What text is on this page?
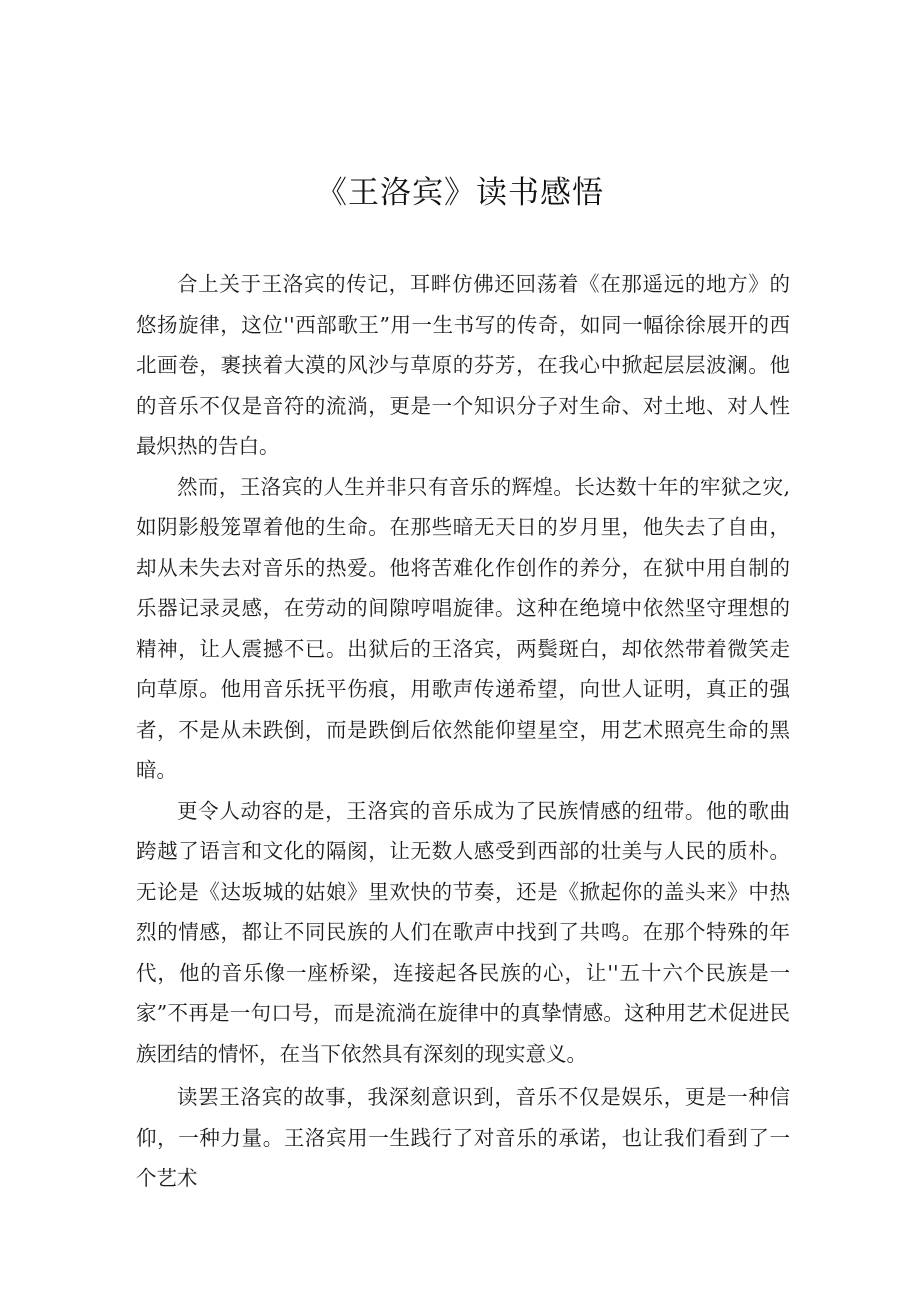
《王洛宾》读书感悟

合上关于王洛宾的传记，耳畔仿佛还回荡着《在那遥远的地方》的悠扬旋律，这位''西部歌王”用一生书写的传奇，如同一幅徐徐展开的西北画卷，裹挟着大漠的风沙与草原的芬芳，在我心中掀起层层波澜。他的音乐不仅是音符的流淌，更是一个知识分子对生命、对土地、对人性最炽热的告白。

然而，王洛宾的人生并非只有音乐的辉煌。长达数十年的牢狱之灾,如阴影般笼罩着他的生命。在那些暗无天日的岁月里，他失去了自由，却从未失去对音乐的热爱。他将苦难化作创作的养分，在狱中用自制的乐器记录灵感，在劳动的间隙哼唱旋律。这种在绝境中依然坚守理想的精神，让人震撼不已。出狱后的王洛宾，两鬓斑白，却依然带着微笑走向草原。他用音乐抚平伤痕，用歌声传递希望，向世人证明，真正的强者，不是从未跌倒，而是跌倒后依然能仰望星空，用艺术照亮生命的黑暗。

更令人动容的是，王洛宾的音乐成为了民族情感的纽带。他的歌曲跨越了语言和文化的隔阂，让无数人感受到西部的壮美与人民的质朴。无论是《达坂城的姑娘》里欢快的节奏，还是《掀起你的盖头来》中热烈的情感，都让不同民族的人们在歌声中找到了共鸣。在那个特殊的年代，他的音乐像一座桥梁，连接起各民族的心，让''五十六个民族是一家”不再是一句口号，而是流淌在旋律中的真挚情感。这种用艺术促进民族团结的情怀，在当下依然具有深刻的现实意义。

读罢王洛宾的故事，我深刻意识到，音乐不仅是娱乐，更是一种信仰，一种力量。王洛宾用一生践行了对音乐的承诺，也让我们看到了一个艺术
